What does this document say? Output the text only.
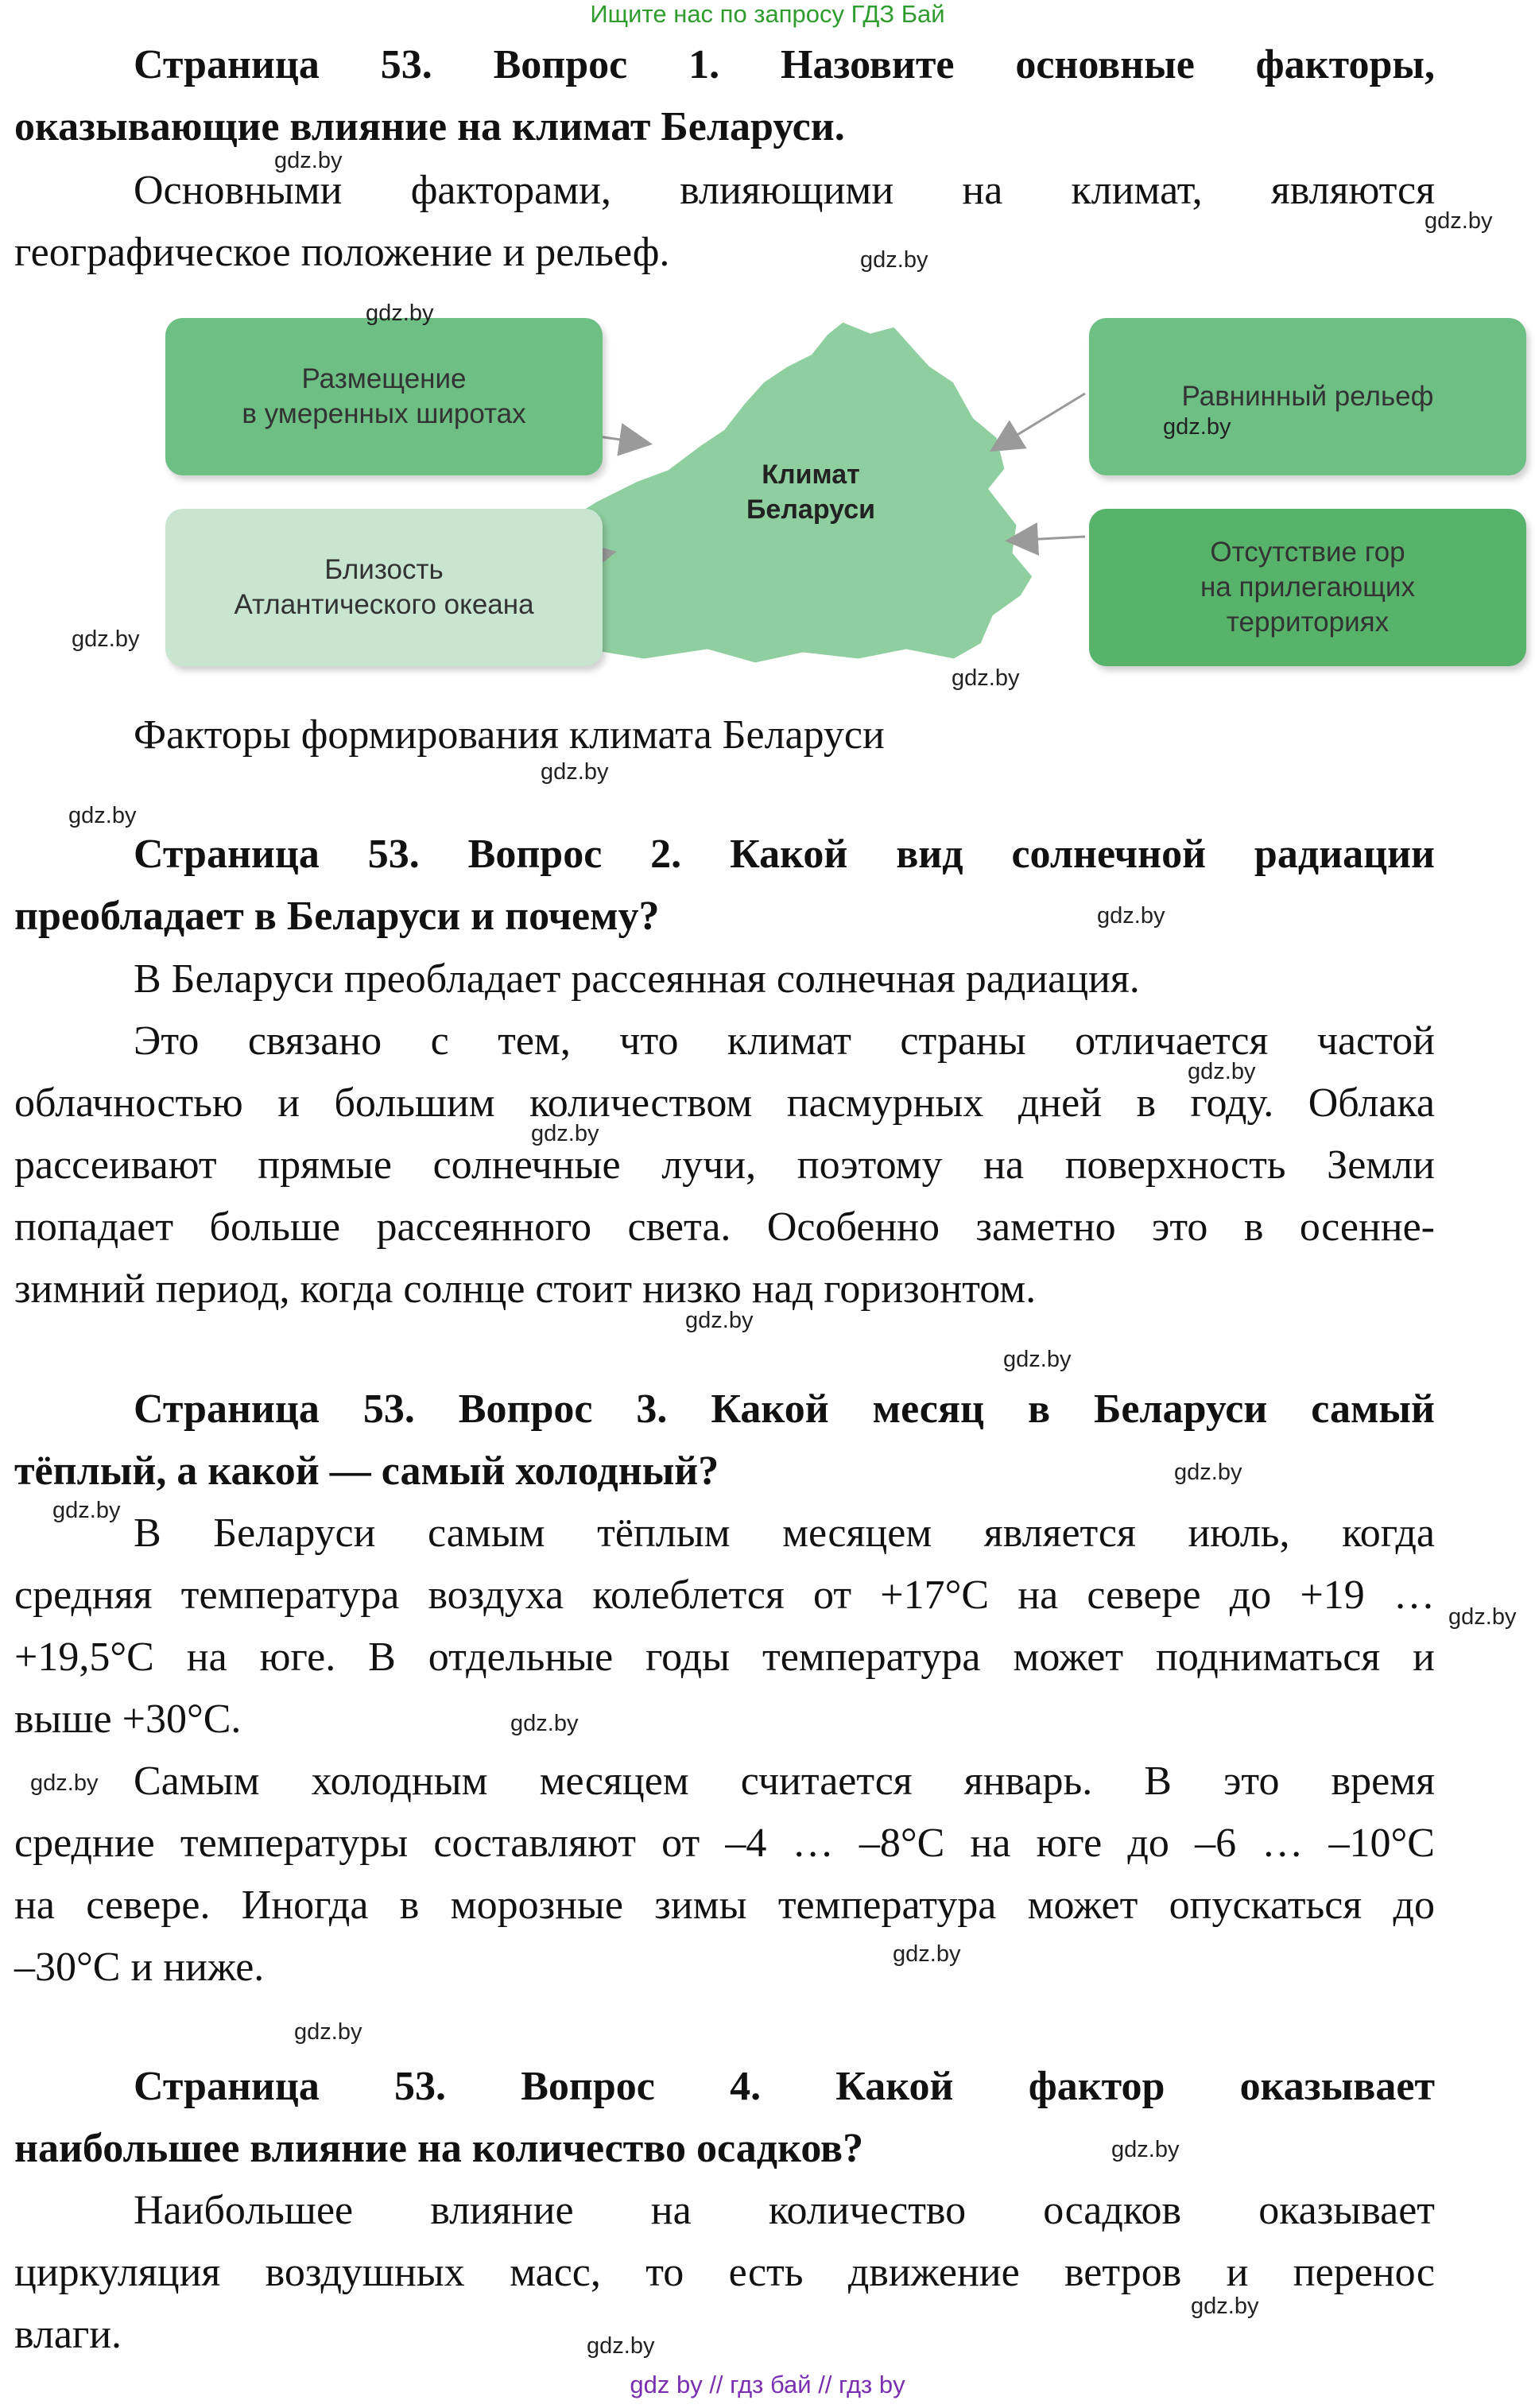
Ищите нас по запросу ГДЗ Бай
Страница 53. Вопрос 1. Назовите основные факторы,
оказывающие влияние на климат Беларуси.
Основными факторами, влияющими на климат, являются
географическое положение и рельеф.
Размещение
в умеренных широтах
Близость
Атлантического океана
Равнинный рельеф
Отсутствие гор
на прилегающих
территориях
Климат
Беларуси
Факторы формирования климата Беларуси
Страница 53. Вопрос 2. Какой вид солнечной радиации
преобладает в Беларуси и почему?
В Беларуси преобладает рассеянная солнечная радиация.
Это связано с тем, что климат страны отличается частой
облачностью и большим количеством пасмурных дней в году. Облака
рассеивают прямые солнечные лучи, поэтому на поверхность Земли
попадает больше рассеянного света. Особенно заметно это в осенне-
зимний период, когда солнце стоит низко над горизонтом.
Страница 53. Вопрос 3. Какой месяц в Беларуси самый
тёплый, а какой — самый холодный?
В Беларуси самым тёплым месяцем является июль, когда
средняя температура воздуха колеблется от +17°С на севере до +19 …
+19,5°С на юге. В отдельные годы температура может подниматься и
выше +30°С.
Самым холодным месяцем считается январь. В это время
средние температуры составляют от –4 … –8°С на юге до –6 … –10°С
на севере. Иногда в морозные зимы температура может опускаться до
–30°С и ниже.
Страница 53. Вопрос 4. Какой фактор оказывает
наибольшее влияние на количество осадков?
Наибольшее влияние на количество осадков оказывает
циркуляция воздушных масс, то есть движение ветров и перенос
влаги.
gdz.by
gdz.by
gdz.by
gdz.by
gdz.by
gdz.by
gdz.by
gdz.by
gdz.by
gdz.by
gdz.by
gdz.by
gdz.by
gdz.by
gdz.by
gdz.by
gdz.by
gdz.by
gdz.by
gdz.by
gdz.by
gdz.by
gdz.by
gdz.by
gdz by // гдз бай // гдз by
